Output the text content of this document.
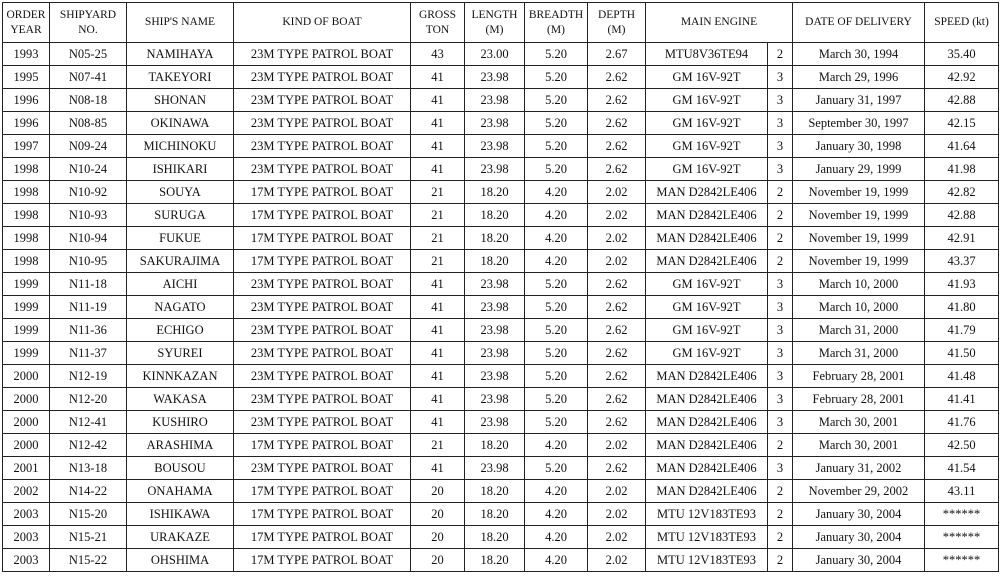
ORDER YEAR	SHIPYARD NO.	SHIP'S NAME	KIND OF BOAT	GROSS TON	LENGTH (M)	BREADTH (M)	DEPTH (M)	MAIN ENGINE		DATE OF DELIVERY	SPEED (kt)
1993	N05-25	NAMIHAYA	23M TYPE PATROL BOAT	43	23.00	5.20	2.67	MTU8V36TE94	2	March 30, 1994	35.40
1995	N07-41	TAKEYORI	23M TYPE PATROL BOAT	41	23.98	5.20	2.62	GM 16V-92T	3	March 29, 1996	42.92
1996	N08-18	SHONAN	23M TYPE PATROL BOAT	41	23.98	5.20	2.62	GM 16V-92T	3	January 31, 1997	42.88
1996	N08-85	OKINAWA	23M TYPE PATROL BOAT	41	23.98	5.20	2.62	GM 16V-92T	3	September 30, 1997	42.15
1997	N09-24	MICHINOKU	23M TYPE PATROL BOAT	41	23.98	5.20	2.62	GM 16V-92T	3	January 30, 1998	41.64
1998	N10-24	ISHIKARI	23M TYPE PATROL BOAT	41	23.98	5.20	2.62	GM 16V-92T	3	January 29, 1999	41.98
1998	N10-92	SOUYA	17M TYPE PATROL BOAT	21	18.20	4.20	2.02	MAN D2842LE406	2	November 19, 1999	42.82
1998	N10-93	SURUGA	17M TYPE PATROL BOAT	21	18.20	4.20	2.02	MAN D2842LE406	2	November 19, 1999	42.88
1998	N10-94	FUKUE	17M TYPE PATROL BOAT	21	18.20	4.20	2.02	MAN D2842LE406	2	November 19, 1999	42.91
1998	N10-95	SAKURAJIMA	17M TYPE PATROL BOAT	21	18.20	4.20	2.02	MAN D2842LE406	2	November 19, 1999	43.37
1999	N11-18	AICHI	23M TYPE PATROL BOAT	41	23.98	5.20	2.62	GM 16V-92T	3	March 10, 2000	41.93
1999	N11-19	NAGATO	23M TYPE PATROL BOAT	41	23.98	5.20	2.62	GM 16V-92T	3	March 10, 2000	41.80
1999	N11-36	ECHIGO	23M TYPE PATROL BOAT	41	23.98	5.20	2.62	GM 16V-92T	3	March 31, 2000	41.79
1999	N11-37	SYUREI	23M TYPE PATROL BOAT	41	23.98	5.20	2.62	GM 16V-92T	3	March 31, 2000	41.50
2000	N12-19	KINNKAZAN	23M TYPE PATROL BOAT	41	23.98	5.20	2.62	MAN D2842LE406	3	February 28, 2001	41.48
2000	N12-20	WAKASA	23M TYPE PATROL BOAT	41	23.98	5.20	2.62	MAN D2842LE406	3	February 28, 2001	41.41
2000	N12-41	KUSHIRO	23M TYPE PATROL BOAT	41	23.98	5.20	2.62	MAN D2842LE406	3	March 30, 2001	41.76
2000	N12-42	ARASHIMA	17M TYPE PATROL BOAT	21	18.20	4.20	2.02	MAN D2842LE406	2	March 30, 2001	42.50
2001	N13-18	BOUSOU	23M TYPE PATROL BOAT	41	23.98	5.20	2.62	MAN D2842LE406	3	January 31, 2002	41.54
2002	N14-22	ONAHAMA	17M TYPE PATROL BOAT	20	18.20	4.20	2.02	MAN D2842LE406	2	November 29, 2002	43.11
2003	N15-20	ISHIKAWA	17M TYPE PATROL BOAT	20	18.20	4.20	2.02	MTU 12V183TE93	2	January 30, 2004	******
2003	N15-21	URAKAZE	17M TYPE PATROL BOAT	20	18.20	4.20	2.02	MTU 12V183TE93	2	January 30, 2004	******
2003	N15-22	OHSHIMA	17M TYPE PATROL BOAT	20	18.20	4.20	2.02	MTU 12V183TE93	2	January 30, 2004	******
